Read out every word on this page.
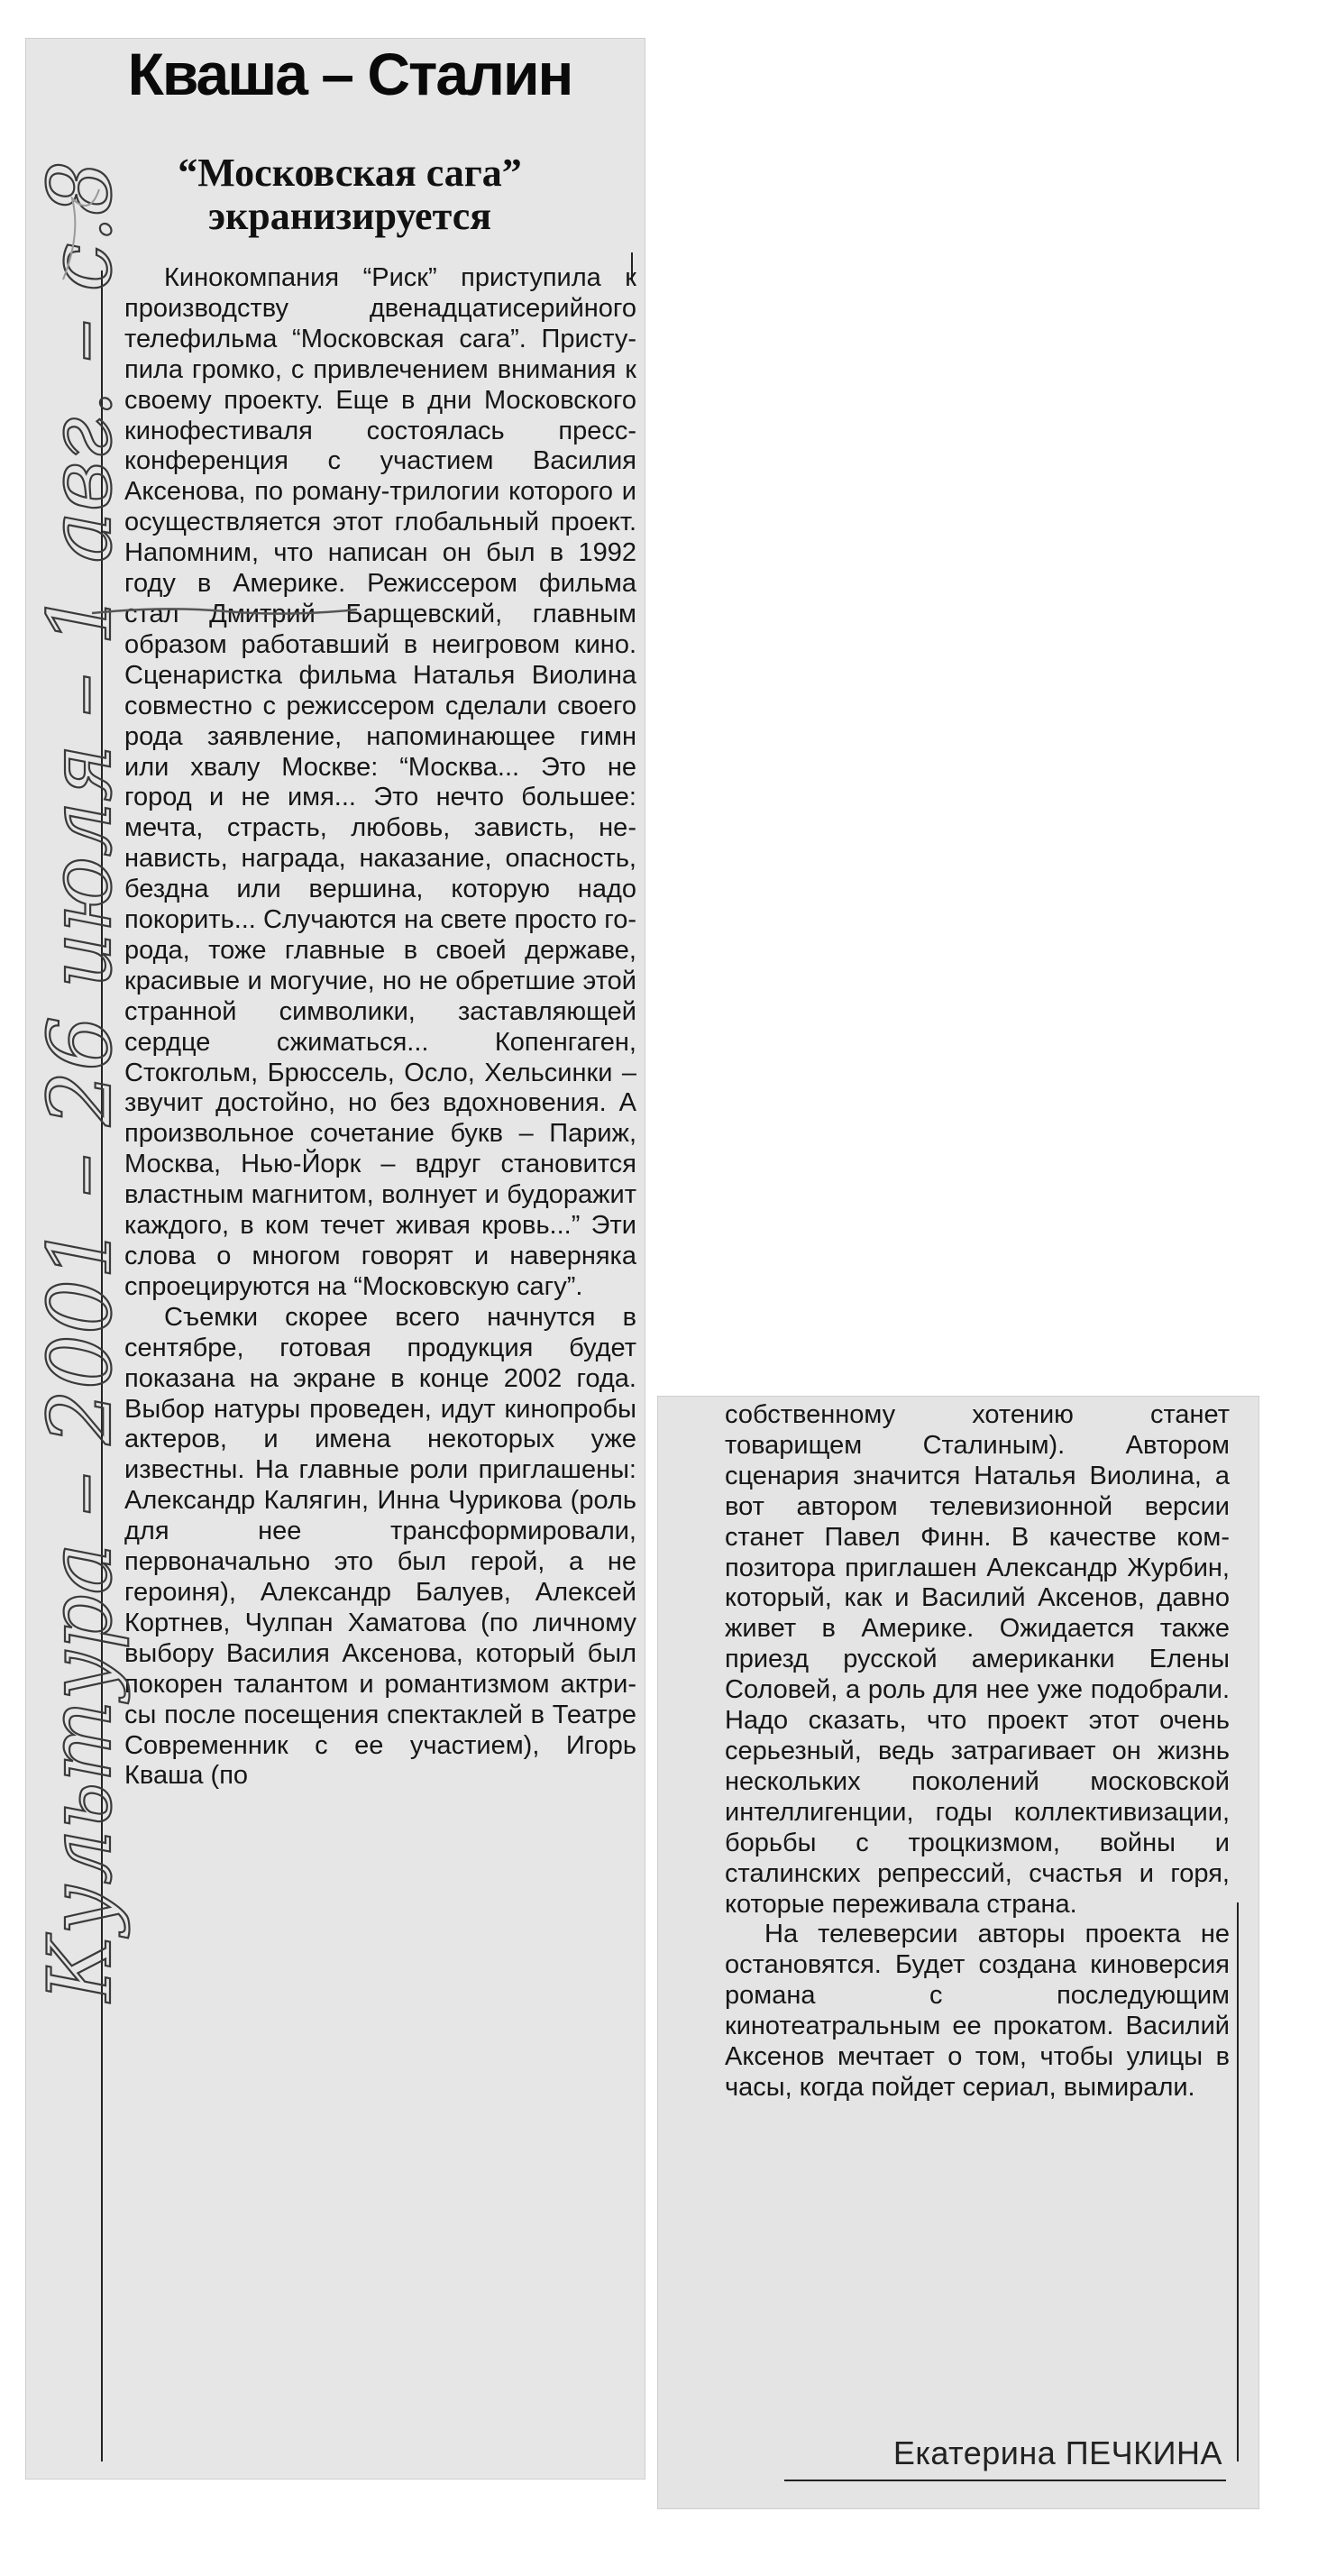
Кваша – Сталин
“Московская сага” экранизируется

Кинокомпания “Риск” приступила к производству двенадцатисерийного телефильма “Московская сага”. Приступила громко, с привлечением внимания к своему проекту. Еще в дни Московского кинофестиваля состоялась пресс-конференция с участием Василия Аксенова, по роману-трилогии которого и осуществляется этот глобальный проект. Напомним, что написан он был в 1992 году в Америке. Режиссером фильма стал Дмитрий Барщевский, главным образом работавший в неигровом кино. Сценаристка фильма Наталья Виолина совместно с режиссером сделали своего рода заявление, напоминающее гимн или хвалу Москве: “Москва... Это не город и не имя... Это нечто большее: мечта, страсть, любовь, зависть, ненависть, награда, наказание, опасность, бездна или вершина, которую надо покорить... Случаются на свете просто города, тоже главные в своей державе, красивые и могучие, но не обретшие этой странной символики, заставляющей сердце сжиматься... Копенгаген, Стокгольм, Брюссель, Осло, Хельсинки – звучит достойно, но без вдохновения. А произвольное сочетание букв – Париж, Москва, Нью-Йорк – вдруг становится властным магнитом, волнует и будоражит каждого, в ком течет живая кровь...” Эти слова о многом говорят и наверняка спроецируются на “Московскую сагу”.

Съемки скорее всего начнутся в сентябре, готовая продукция будет показана на экране в конце 2002 года. Выбор натуры проведен, идут кинопробы актеров, и имена некоторых уже известны. На главные роли приглашены: Александр Калягин, Инна Чурикова (роль для нее трансформировали, первоначально это был герой, а не героиня), Александр Балуев, Алексей Кортнев, Чулпан Хаматова (по личному выбору Василия Аксенова, который был покорен талантом и романтизмом актрисы после посещения спектаклей в Театре Современник с ее участием), Игорь Кваша (по

собственному хотению станет товарищем Сталиным). Автором сценария значится Наталья Виолина, а вот автором телевизионной версии станет Павел Финн. В качестве композитора приглашен Александр Журбин, который, как и Василий Аксенов, давно живет в Америке. Ожидается также приезд русской американки Елены Соловей, а роль для нее уже подобрали. Надо сказать, что проект этот очень серьезный, ведь затрагивает он жизнь нескольких поколений московской интеллигенции, годы коллективизации, борьбы с троцкизмом, войны и сталинских репрессий, счастья и горя, которые переживала страна.

На телеверсии авторы проекта не остановятся. Будет создана киноверсия романа с последующим кинотеатральным ее прокатом. Василий Аксенов мечтает о том, чтобы улицы в часы, когда пойдет сериал, вымирали.

Екатерина ПЕЧКИНА

Культура – 2001 – 26 июля – 1 авг. – с.8
